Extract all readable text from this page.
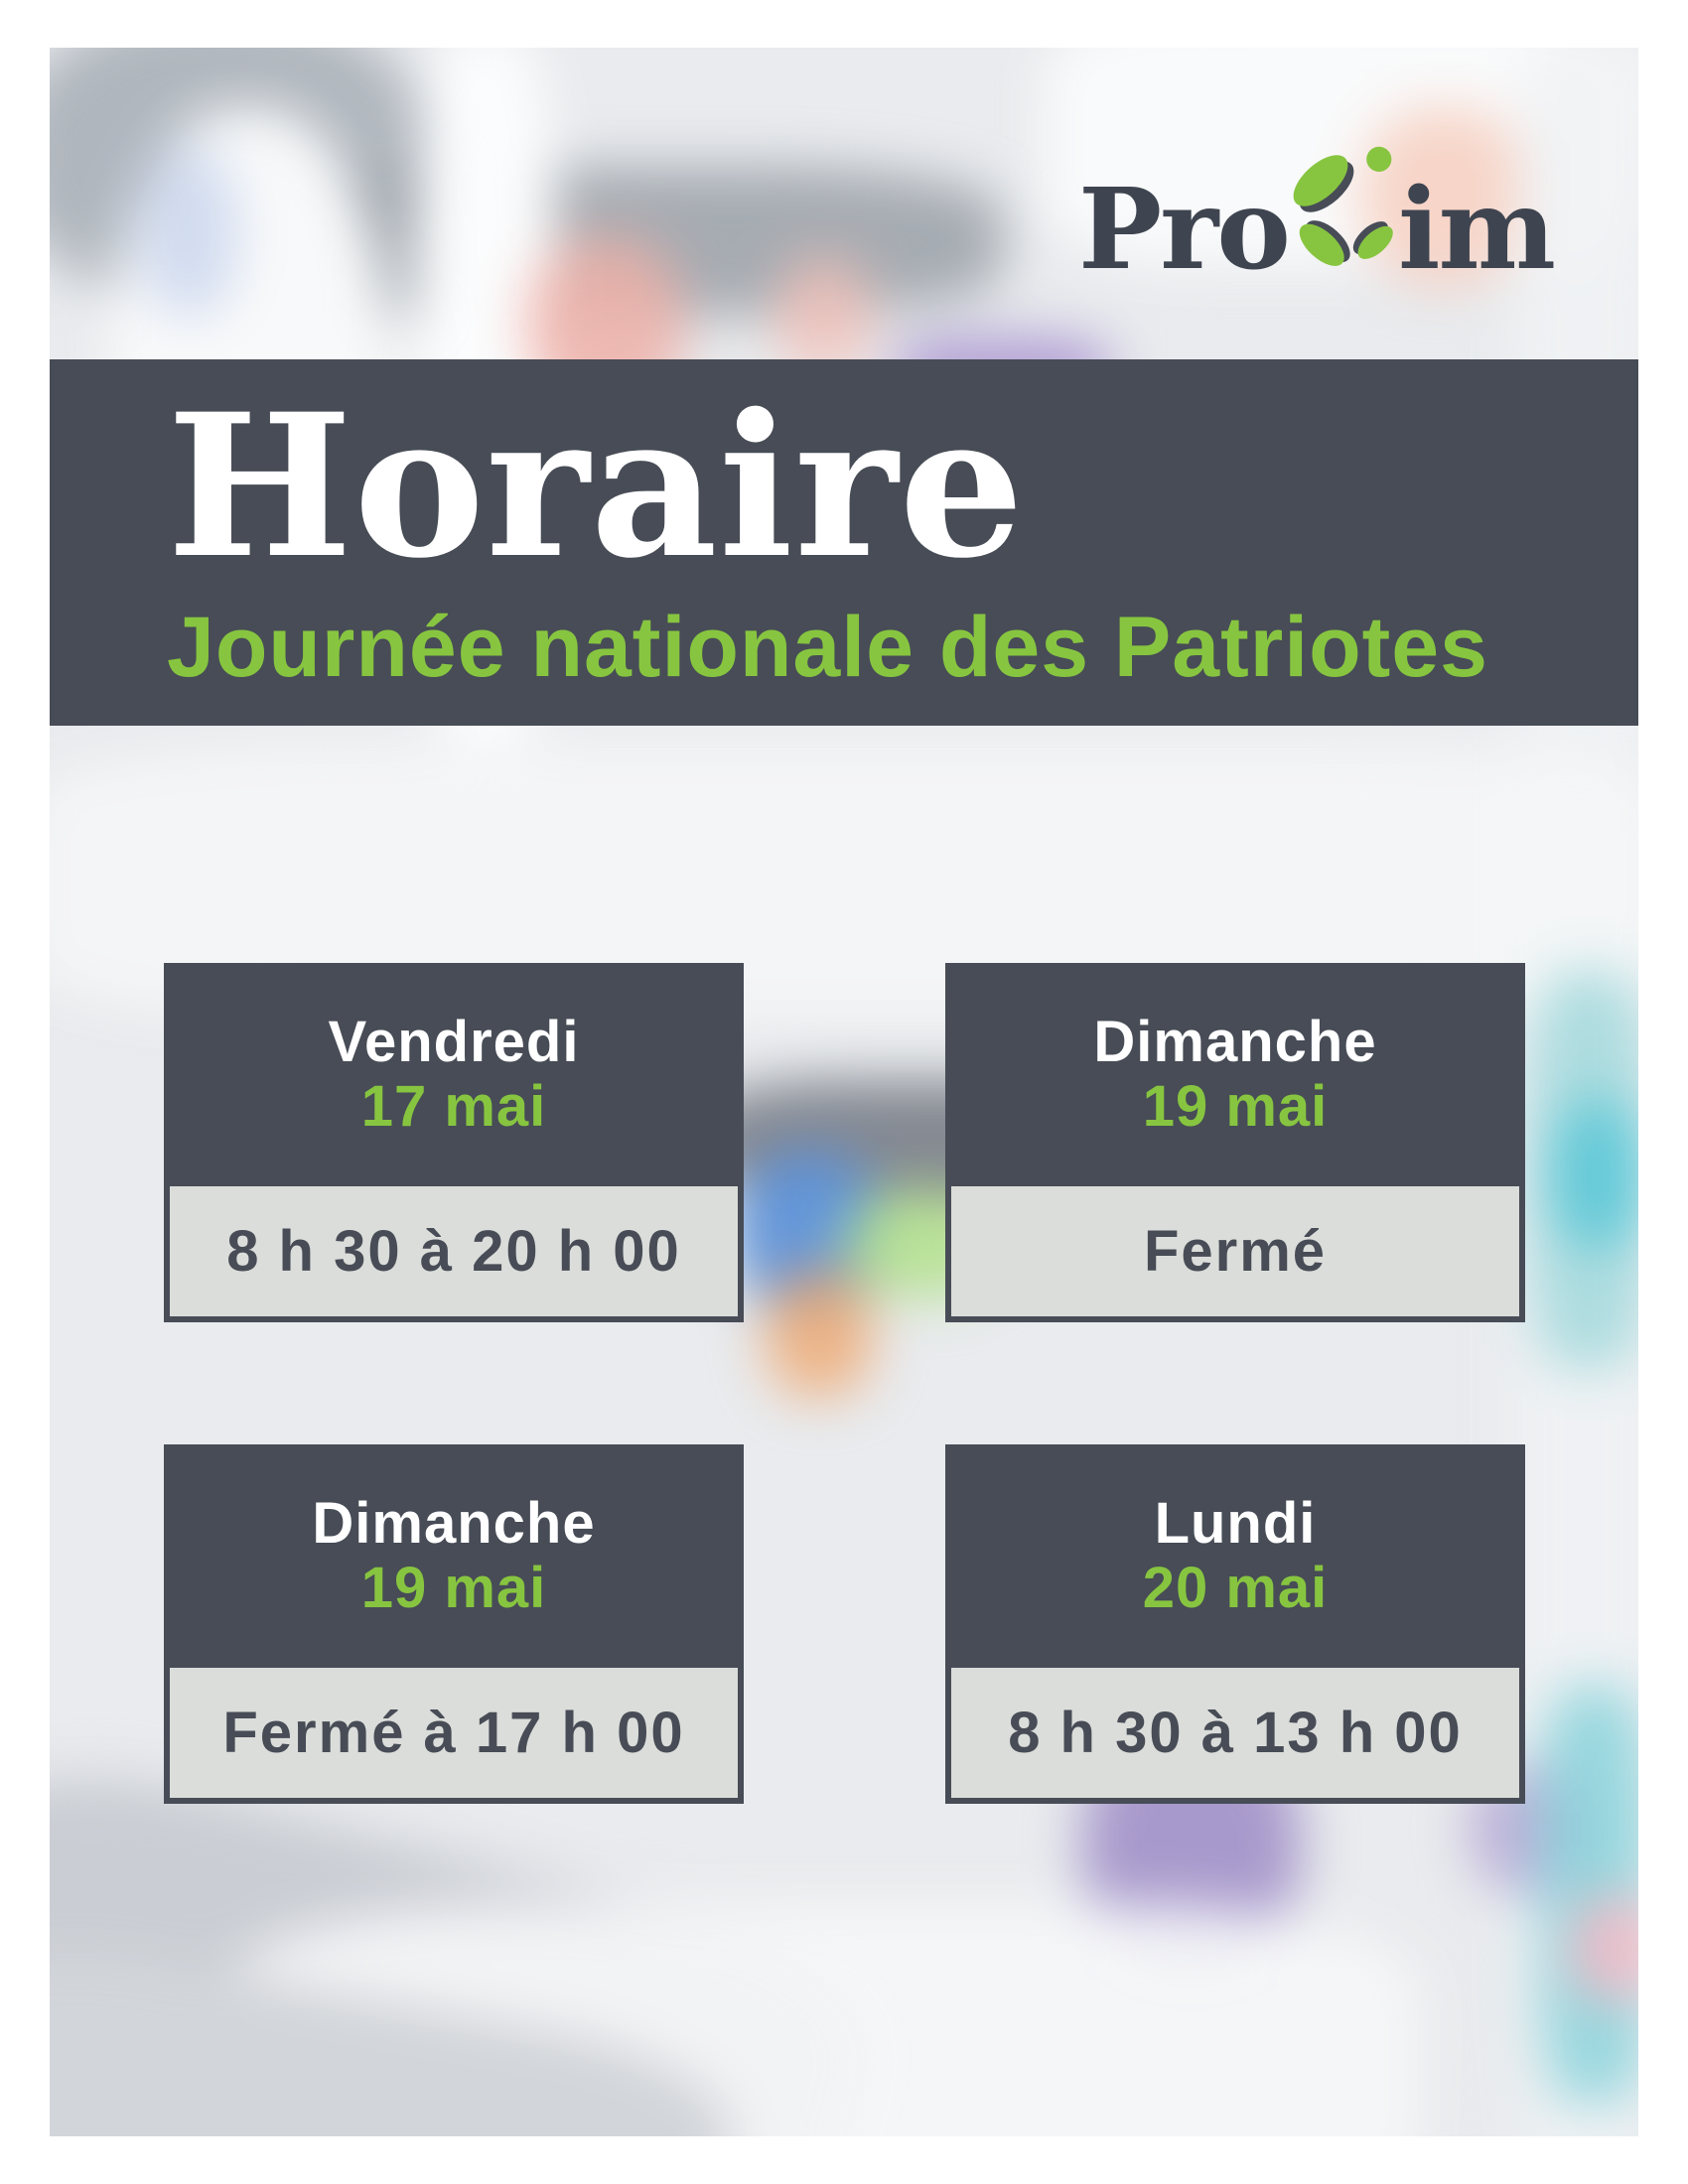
Pro im
Horaire
Journée nationale des Patriotes
Vendredi
17 mai
8 h 30 à 20 h 00
Dimanche
19 mai
Fermé
Dimanche
19 mai
Fermé à 17 h 00
Lundi
20 mai
8 h 30 à 13 h 00
